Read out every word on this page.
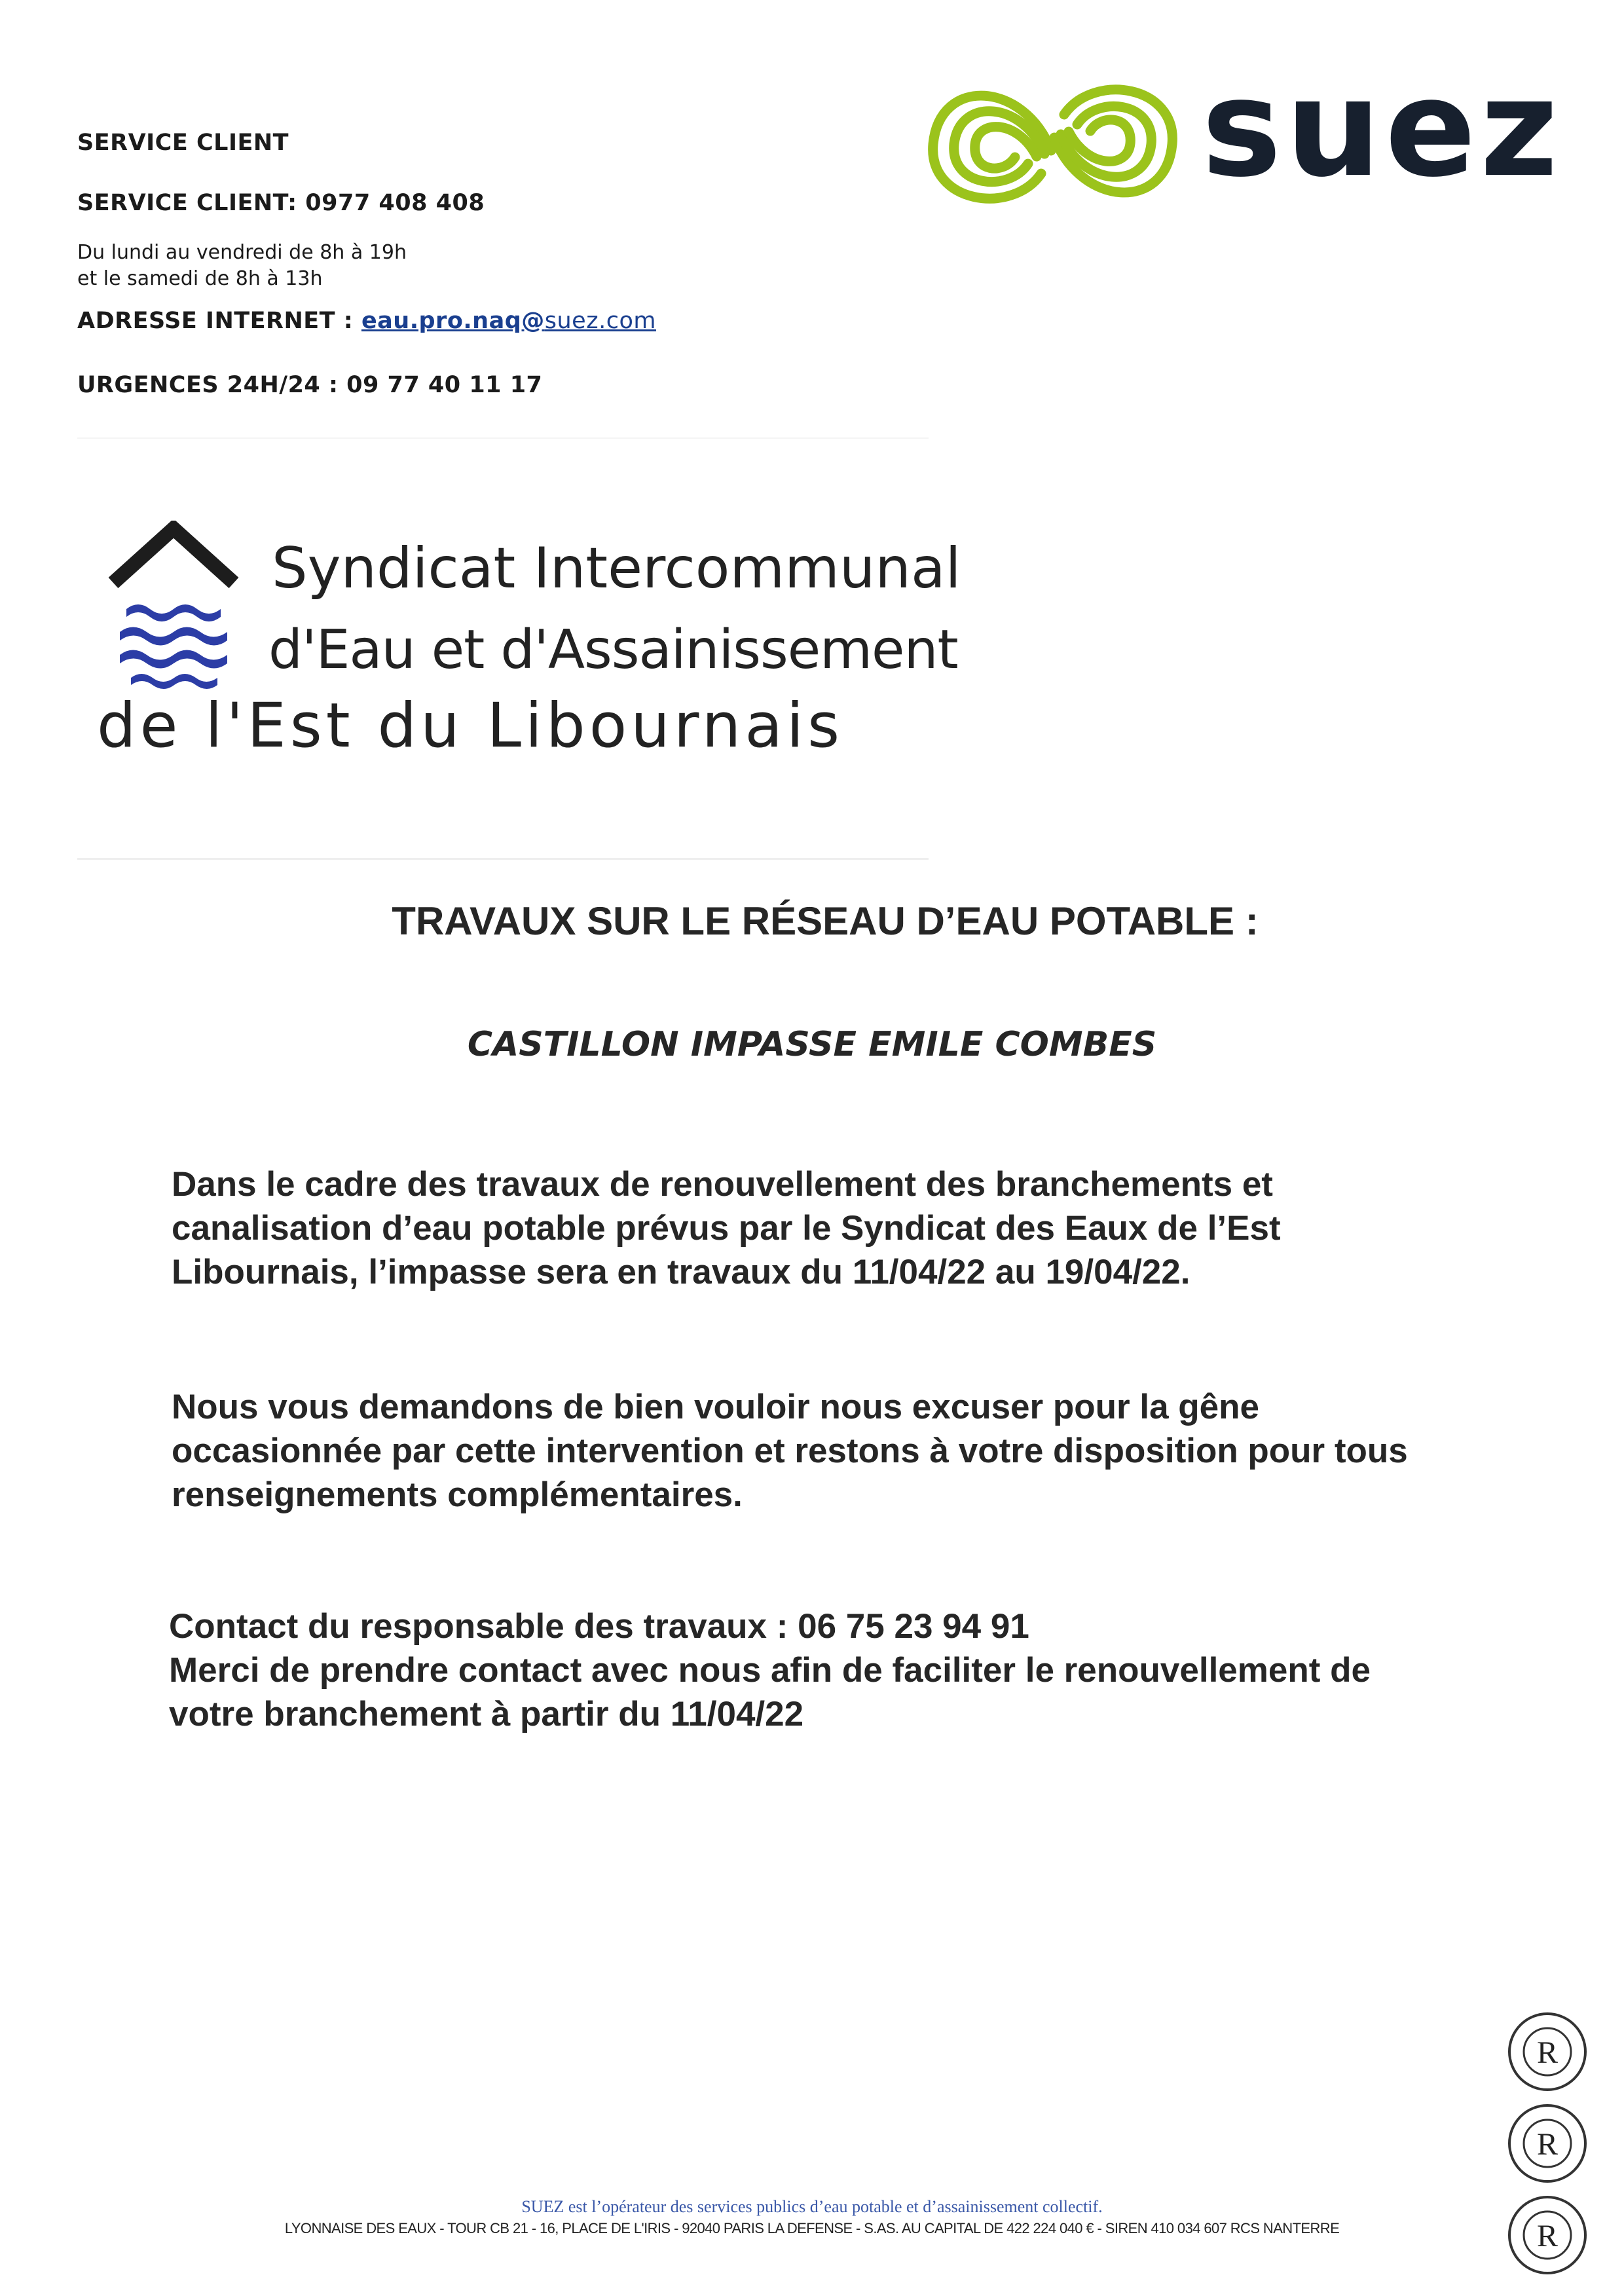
SERVICE CLIENT
SERVICE CLIENT: 0977 408 408
Du lundi au vendredi de 8h à 19h
et le samedi de 8h à 13h
ADRESSE INTERNET : eau.pro.naq@suez.com
URGENCES 24H/24 : 09 77 40 11 17
suez
Syndicat Intercommunal
d'Eau et d'Assainissement
de l'Est du Libournais
TRAVAUX SUR LE RÉSEAU D’EAU POTABLE :
CASTILLON IMPASSE EMILE COMBES
Dans le cadre des travaux de renouvellement des branchements et
canalisation d’eau potable prévus par le Syndicat des Eaux de l’Est
Libournais, l’impasse sera en travaux du 11/04/22 au 19/04/22.
Nous vous demandons de bien vouloir nous excuser pour la gêne
occasionnée par cette intervention et restons à votre disposition pour tous
renseignements complémentaires.
Contact du responsable des travaux : 06 75 23 94 91
Merci de prendre contact avec nous afin de faciliter le renouvellement de
votre branchement à partir du 11/04/22
R
R
R
SUEZ est l’opérateur des services publics d’eau potable et d’assainissement collectif.
LYONNAISE DES EAUX - TOUR CB 21 - 16, PLACE DE L'IRIS - 92040 PARIS LA DEFENSE - S.AS. AU CAPITAL DE 422 224 040 € - SIREN 410 034 607 RCS NANTERRE
